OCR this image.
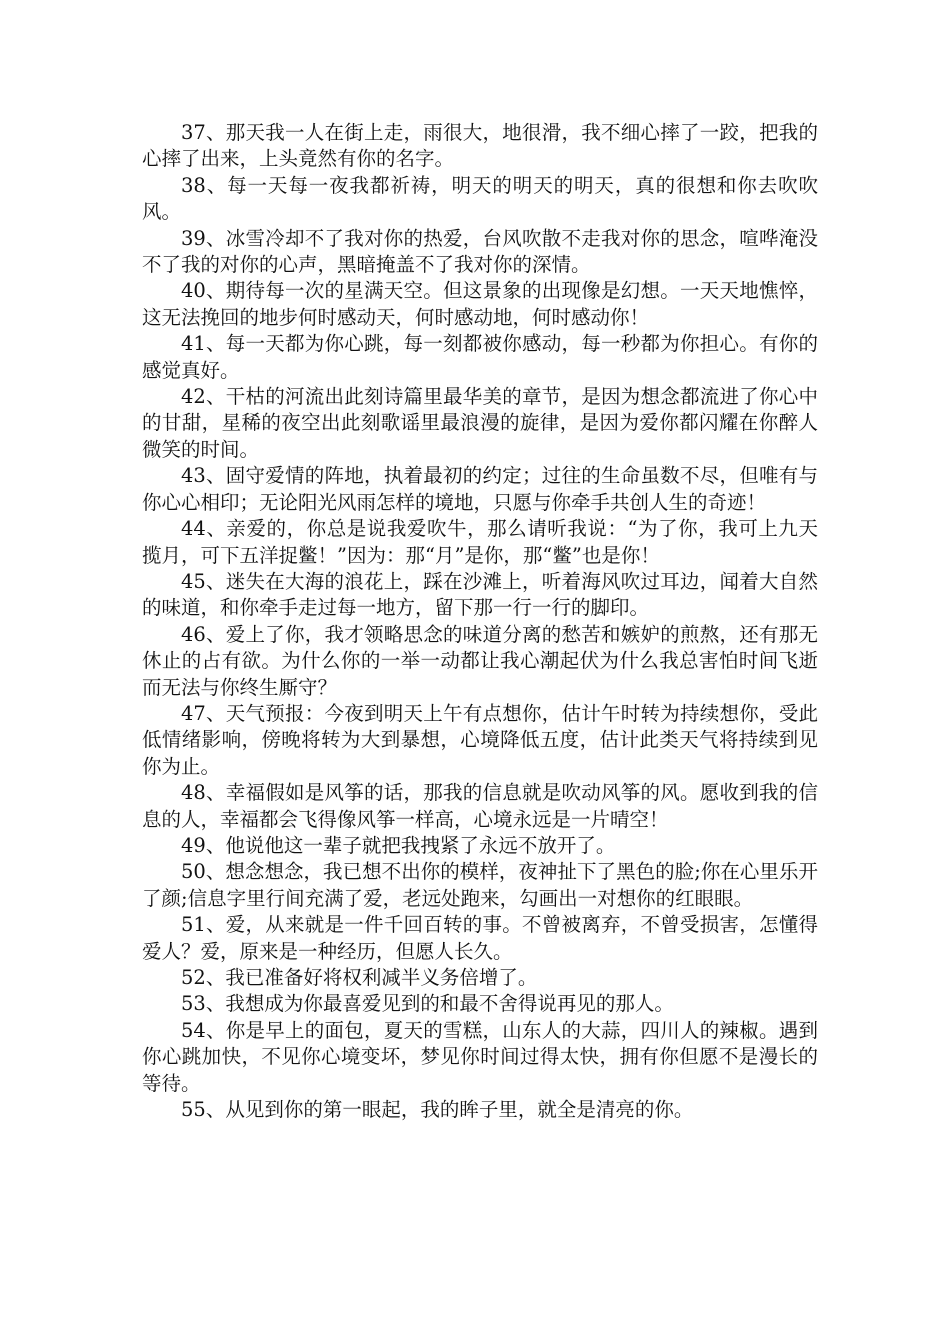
37、那天我一人在街上走，雨很大，地很滑，我不细心摔了一跤，把我的心摔了出来，上头竟然有你的名字。

38、每一天每一夜我都祈祷，明天的明天的明天，真的很想和你去吹吹风。

39、冰雪冷却不了我对你的热爱，台风吹散不走我对你的思念，喧哗淹没不了我的对你的心声，黑暗掩盖不了我对你的深情。

40、期待每一次的星满天空。但这景象的出现像是幻想。一天天地憔悴，这无法挽回的地步何时感动天，何时感动地，何时感动你！

41、每一天都为你心跳，每一刻都被你感动，每一秒都为你担心。有你的感觉真好。

42、干枯的河流出此刻诗篇里最华美的章节，是因为想念都流进了你心中的甘甜，星稀的夜空出此刻歌谣里最浪漫的旋律，是因为爱你都闪耀在你醉人微笑的时间。

43、固守爱情的阵地，执着最初的约定；过往的生命虽数不尽，但唯有与你心心相印；无论阳光风雨怎样的境地，只愿与你牵手共创人生的奇迹！

44、亲爱的，你总是说我爱吹牛，那么请听我说：“为了你，我可上九天揽月，可下五洋捉鳖！”因为：那“月”是你，那“鳖”也是你！

45、迷失在大海的浪花上，踩在沙滩上，听着海风吹过耳边，闻着大自然的味道，和你牵手走过每一地方，留下那一行一行的脚印。

46、爱上了你，我才领略思念的味道分离的愁苦和嫉妒的煎熬，还有那无休止的占有欲。为什么你的一举一动都让我心潮起伏为什么我总害怕时间飞逝而无法与你终生厮守？

47、天气预报：今夜到明天上午有点想你，估计午时转为持续想你，受此低情绪影响，傍晚将转为大到暴想，心境降低五度，估计此类天气将持续到见你为止。

48、幸福假如是风筝的话，那我的信息就是吹动风筝的风。愿收到我的信息的人，幸福都会飞得像风筝一样高，心境永远是一片晴空！

49、他说他这一辈子就把我拽紧了永远不放开了。

50、想念想念，我已想不出你的模样，夜神扯下了黑色的脸;你在心里乐开了颜;信息字里行间充满了爱，老远处跑来，勾画出一对想你的红眼眼。

51、爱，从来就是一件千回百转的事。不曾被离弃，不曾受损害，怎懂得爱人？爱，原来是一种经历，但愿人长久。

52、我已准备好将权利减半义务倍增了。

53、我想成为你最喜爱见到的和最不舍得说再见的那人。

54、你是早上的面包，夏天的雪糕，山东人的大蒜，四川人的辣椒。遇到你心跳加快，不见你心境变坏，梦见你时间过得太快，拥有你但愿不是漫长的等待。

55、从见到你的第一眼起，我的眸子里，就全是清亮的你。
